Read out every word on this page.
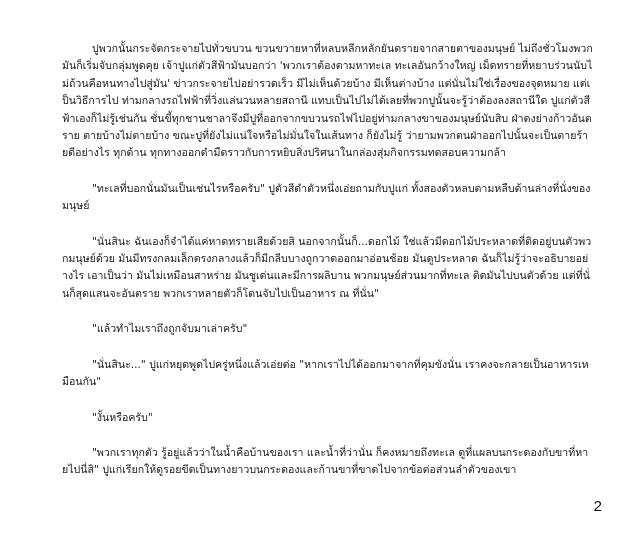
ปูพวกนั้นกระจัดกระจายไปทั่วขบวน ขวนขวายหาที่หลบหลีกหลักยันตรายจากสายตาของมนุษย์ ไม่ถึงชั่วโมงพวกมันก็เริ่มจับกลุ่มพูดคุย เจ้าปูแก่ตัวสีฟ้ามันบอกว่า 'พวกเราต้องตามหาทะเล ทะเลอันกว้างใหญ่ เม็ดทรายที่หยาบร่วนนับไม่ถ้วนคือหนทางไปสู่มัน' ข่าวกระจายไปอย่ารวดเร็ว มีไม่เห็นด้วยบ้าง มีเห็นต่างบ้าง แต่นั่นไม่ใช่เรื่องของจุดหมาย แต่เป็นวิธีการไป ท่ามกลางรถไฟฟ้าที่วิ่งแล่นวนหลายสถานี แทบเป็นไปไม่ได้เลยที่พวกปูนั้นจะรู้ว่าต้องลงสถานีใด ปูแก่ตัวสีฟ้าเองก็ไม่รู้เช่นกัน ชั่นขี้ทุกชานชาลาจึงมีปูที่ออกจากขบวนรถไฟไปอยู่ท่ามกลางขาของมนุษย์นับสิบ ฝ่าดงย่างก้าวอันตราย ตายบ้างไม่ตายบ้าง ขณะปูที่ยังไม่แน่ใจหรือไม่มั่นใจในเส้นทาง ก็ยังไม่รู้ ว่ายามพวกตนฝ่าออกไปนั้นจะเป็นตายร้ายดีอย่างไร ทุกด้าน ทุกทางออกดำมืดราวกับการหยิบสิ่งปริศนาในกล่องสุ่มกิจกรรมทดสอบความกล้า

"ทะเลที่บอกนั่นมันเป็นเช่นไรหรือครับ" ปูตัวสีดำตัวหนึ่งเอ่ยถามกับปูแก่ ทั้งสองตัวหลบตามหลืบด้านล่างที่นั่งของมนุษย์

"นั่นสินะ ฉันเองก็จำได้แค่หาดทรายเสียด้วยสิ นอกจากนั้นก็...ดอกไม้ ใช่แล้วมีดอกไม้ประหลาดที่ติดอยู่บนตัวพวกมนุษย์ด้วย มันมีทรงกลมเล็กตรงกลางแล้วก็มีกลีบบางถูกวาดออกมาอ่อนช้อย มันดูประหลาด ฉันก็ไม่รู้ว่าจะอธิบายอย่างไร เอาเป็นว่า มันไม่เหมือนสาหร่าย มันชูเด่นและมีการผลิบาน พวกมนุษย์ส่วนมากที่ทะเล ติดมันไปบนตัวด้วย แต่ที่นั่นก็สุดแสนจะอันตราย พวกเราหลายตัวก็โดนจับไปเป็นอาหาร ณ ที่นั่น"

"แล้วทำไมเราถึงถูกจับมาเล่าครับ"

"นั่นสินะ..." ปูแก่หยุดพูดไปครู่หนึ่งแล้วเอ่ยต่อ "หากเราไปได้ออกมาจากที่คุมขังนั่น เราคงจะกลายเป็นอาหารเหมือนกัน"

"งั้นหรือครับ"

"พวกเราทุกตัว รู้อยู่แล้วว่าในน้ำคือบ้านของเรา และน้ำที่ว่านั่น ก็คงหมายถึงทะเล ดูที่แผลบนกระดองกับขาที่หายไปนี่สิ" ปูแก่เรียกให้ดูรอยขีดเป็นทางยาวบนกระดองและก้านขาที่ขาดไปจากข้อต่อส่วนลำตัวของเขา

2
